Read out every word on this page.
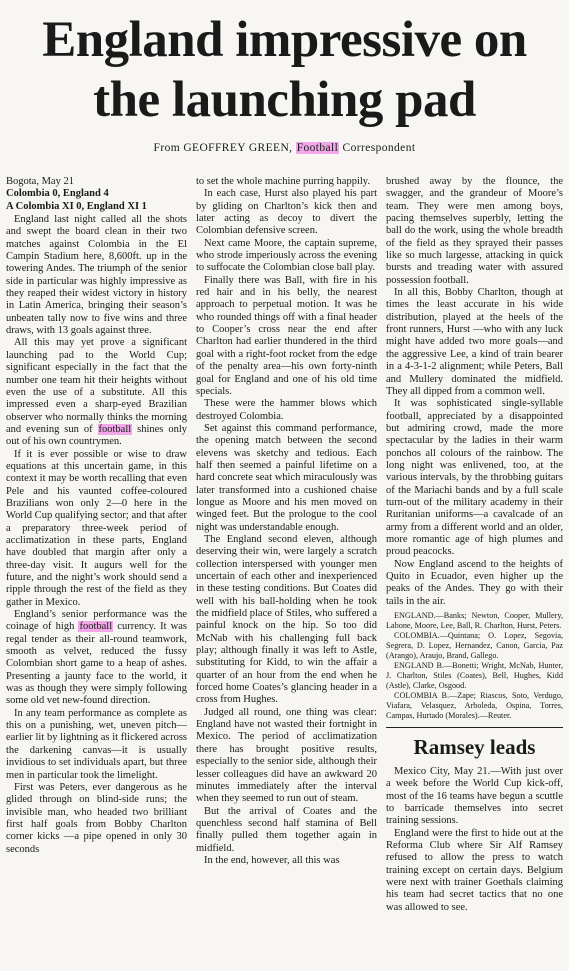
England impressive on
the launching pad
From GEOFFREY GREEN, Football Correspondent

Bogota, May 21

Colombia 0, England 4

A Colombia XI 0, England XI 1

England last night called all the shots and swept the board clean in their two matches against Colombia in the El Campin Stadium here, 8,600ft. up in the towering Andes. The triumph of the senior side in particular was highly impressive as they reaped their widest victory in history in Latin America, bringing their season’s unbeaten tally now to five wins and three draws, with 13 goals against three.

All this may yet prove a significant launching pad to the World Cup; significant especially in the fact that the number one team hit their heights without even the use of a substitute. All this impressed even a sharp-eyed Brazilian observer who normally thinks the morning and evening sun of football shines only out of his own countrymen.

If it is ever possible or wise to draw equations at this uncertain game, in this context it may be worth recalling that even Pele and his vaunted coffee-coloured Brazilians won only 2—0 here in the World Cup qualifying sector; and that after a preparatory three-week period of acclimatization in these parts, England have doubled that margin after only a three-day visit. It augurs well for the future, and the night’s work should send a ripple through the rest of the field as they gather in Mexico.

England’s senior performance was the coinage of high football currency. It was regal tender as their all-round teamwork, smooth as velvet, reduced the fussy Colombian short game to a heap of ashes. Presenting a jaunty face to the world, it was as though they were simply following some old vet new-found direction.

In any team performance as complete as this on a punishing, wet, uneven pitch—earlier lit by lightning as it flickered across the darkening canvas—it is usually invidious to set individuals apart, but three men in particular took the limelight.

First was Peters, ever dangerous as he glided through on blind-side runs; the invisible man, who headed two brilliant first half goals from Bobby Charlton corner kicks —a pipe opened in only 30 seconds

to set the whole machine purring happily.

In each case, Hurst also played his part by gliding on Charlton’s kick then and later acting as decoy to divert the Colombian defensive screen.

Next came Moore, the captain supreme, who strode imperiously across the evening to suffocate the Colombian close ball play.

Finally there was Ball, with fire in his red hair and in his belly, the nearest approach to perpetual motion. It was he who rounded things off with a final header to Cooper’s cross near the end after Charlton had earlier thundered in the third goal with a right-foot rocket from the edge of the penalty area—his own forty-ninth goal for England and one of his old time specials.

These were the hammer blows which destroyed Colombia.

Set against this command performance, the opening match between the second elevens was sketchy and tedious. Each half then seemed a painful lifetime on a hard concrete seat which miraculously was later transformed into a cushioned chaise longue as Moore and his men moved on winged feet. But the prologue to the cool night was understandable enough.

The England second eleven, although deserving their win, were largely a scratch collection interspersed with younger men uncertain of each other and inexperienced in these testing conditions. But Coates did well with his ball-holding when he took the midfield place of Stiles, who suffered a painful knock on the hip. So too did McNab with his challenging full back play; although finally it was left to Astle, substituting for Kidd, to win the affair a quarter of an hour from the end when he forced home Coates’s glancing header in a cross from Hughes.

Judged all round, one thing was clear: England have not wasted their fortnight in Mexico. The period of acclimatization there has brought positive results, especially to the senior side, although their lesser colleagues did have an awkward 20 minutes immediately after the interval when they seemed to run out of steam.

But the arrival of Coates and the quenchless second half stamina of Bell finally pulled them together again in midfield.

In the end, however, all this was

brushed away by the flounce, the swagger, and the grandeur of Moore’s team. They were men among boys, pacing themselves superbly, letting the ball do the work, using the whole breadth of the field as they sprayed their passes like so much largesse, attacking in quick bursts and treading water with assured possession football.

In all this, Bobby Charlton, though at times the least accurate in his wide distribution, played at the heels of the front runners, Hurst —who with any luck might have added two more goals—and the aggressive Lee, a kind of train bearer in a 4-3-1-2 alignment; while Peters, Ball and Mullery dominated the midfield. They all dipped from a common well.

It was sophisticated single-syllable football, appreciated by a disappointed but admiring crowd, made the more spectacular by the ladies in their warm ponchos all colours of the rainbow. The long night was enlivened, too, at the various intervals, by the throbbing guitars of the Mariachi bands and by a full scale turn-out of the military academy in their Ruritanian uniforms—a cavalcade of an army from a different world and an older, more romantic age of high plumes and proud peacocks.

Now England ascend to the heights of Quito in Ecuador, even higher up the peaks of the Andes. They go with their tails in the air.

ENGLAND.—Banks; Newton, Cooper, Mullery, Labone, Moore, Lee, Ball, R. Charlton, Hurst, Peters.

COLOMBIA.—Quintana; O. Lopez, Segovia, Segrera, D. Lopez, Hernandez, Canon, Garcia, Paz (Arango), Araujo, Brand, Gallego.

ENGLAND B.—Bonetti; Wright, McNab, Hunter, J. Charlton, Stiles (Coates), Bell, Hughes, Kidd (Astle), Clarke, Osgood.

COLOMBIA B.—Zape; Riascos, Soto, Verdugo, Viafara, Velasquez, Arboleda, Ospina, Torres, Campas, Hurtado (Morales).—Reuter.

Ramsey leads

Mexico City, May 21.—With just over a week before the World Cup kick-off, most of the 16 teams have begun a scuttle to barricade themselves into secret training sessions.

England were the first to hide out at the Reforma Club where Sir Alf Ramsey refused to allow the press to watch training except on certain days. Belgium were next with trainer Goethals claiming his team had secret tactics that no one was allowed to see.
